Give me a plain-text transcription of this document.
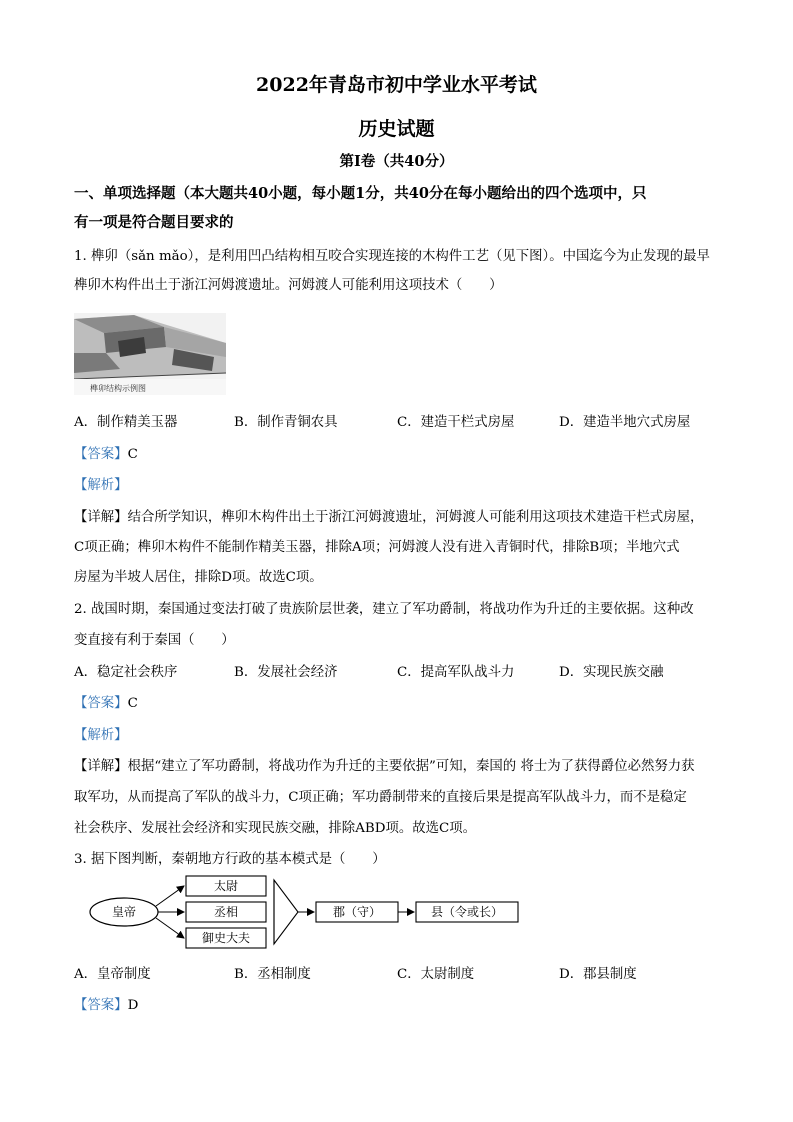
2022年青岛市初中学业水平考试
历史试题
第Ⅰ卷（共40分）
一、单项选择题（本大题共40小题，每小题1分，共40分在每小题给出的四个选项中，只
有一项是符合题目要求的
1. 榫卯（sǎn mǎo），是利用凹凸结构相互咬合实现连接的木构件工艺（见下图）。中国迄今为止发现的最早
榫卯木构件出土于浙江河姆渡遗址。河姆渡人可能利用这项技术（　　）
榫卯结构示例图
A．制作精美玉器	B．制作青铜农具	C．建造干栏式房屋	D．建造半地穴式房屋
【答案】C
【解析】
【详解】结合所学知识，榫卯木构件出土于浙江河姆渡遗址，河姆渡人可能利用这项技术建造干栏式房屋，
C项正确；榫卯木构件不能制作精美玉器，排除A项；河姆渡人没有进入青铜时代，排除B项；半地穴式
房屋为半坡人居住，排除D项。故选C项。
2. 战国时期，秦国通过变法打破了贵族阶层世袭，建立了军功爵制，将战功作为升迁的主要依据。这种改
变直接有利于秦国（　　）
A．稳定社会秩序	B．发展社会经济	C．提高军队战斗力	D．实现民族交融
【答案】C
【解析】
【详解】根据“建立了军功爵制，将战功作为升迁的主要依据”可知，秦国的 将士为了获得爵位必然努力获
取军功，从而提高了军队的战斗力，C项正确；军功爵制带来的直接后果是提高军队战斗力，而不是稳定
社会秩序、发展社会经济和实现民族交融，排除ABD项。故选C项。
3. 据下图判断，秦朝地方行政的基本模式是（　　）
皇帝
太尉
丞相
御史大夫
郡（守）	县（令或长）
A．皇帝制度	B．丞相制度	C．太尉制度	D．郡县制度
【答案】D
